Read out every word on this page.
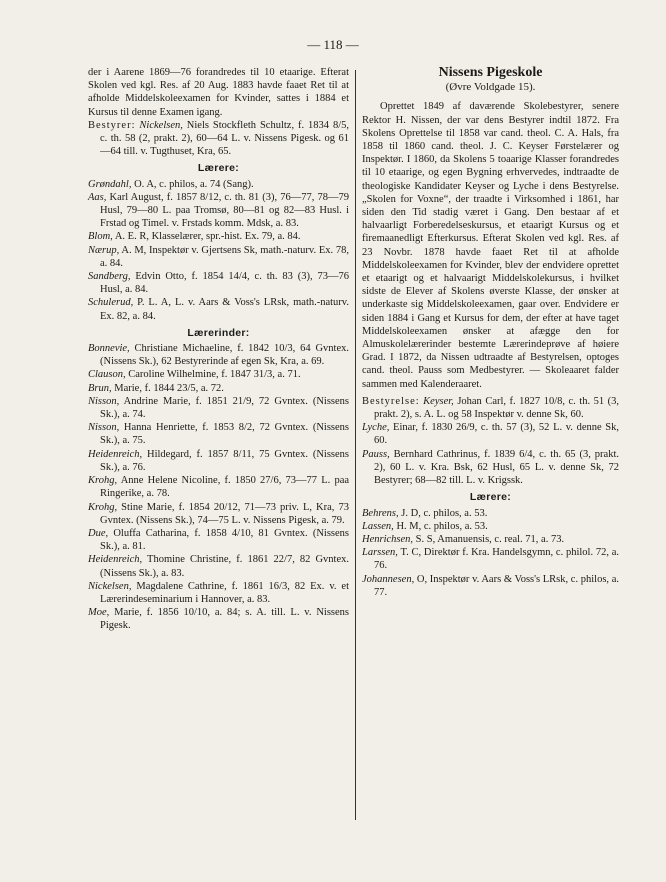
— 118 —

der i Aarene 1869—76 forandredes til 10 etaarige. Efterat Skolen ved kgl. Res. af 20 Aug. 1883 havde faaet Ret til at afholde Middelskoleexamen for Kvinder, sattes i 1884 et Kursus til denne Examen igang.

Bestyrer: Nickelsen, Niels Stockfleth Schultz, f. 1834 8/5, c. th. 58 (2, prakt. 2), 60—64 L. v. Nissens Pigesk. og 61—64 till. v. Tugthuset, Kra, 65.

Lærere:

Grøndahl, O. A, c. philos, a. 74 (Sang).

Aas, Karl August, f. 1857 8/12, c. th. 81 (3), 76—77, 78—79 Husl, 79—80 L. paa Tromsø, 80—81 og 82—83 Husl. i Frstad og Timel. v. Frstads komm. Mdsk, a. 83.

Blom, A. E. R, Klasselærer, spr.-hist. Ex. 79, a. 84.

Nærup, A. M, Inspektør v. Gjertsens Sk, math.-naturv. Ex. 78, a. 84.

Sandberg, Edvin Otto, f. 1854 14/4, c. th. 83 (3), 73—76 Husl, a. 84.

Schulerud, P. L. A, L. v. Aars & Voss's LRsk, math.-naturv. Ex. 82, a. 84.

Lærerinder:

Bonnevie, Christiane Michaeline, f. 1842 10/3, 64 Gvntex. (Nissens Sk.), 62 Bestyrerinde af egen Sk, Kra, a. 69.

Clauson, Caroline Wilhelmine, f. 1847 31/3, a. 71.

Brun, Marie, f. 1844 23/5, a. 72.

Nisson, Andrine Marie, f. 1851 21/9, 72 Gvntex. (Nissens Sk.), a. 74.

Nisson, Hanna Henriette, f. 1853 8/2, 72 Gvntex. (Nissens Sk.), a. 75.

Heidenreich, Hildegard, f. 1857 8/11, 75 Gvntex. (Nissens Sk.), a. 76.

Krohg, Anne Helene Nicoline, f. 1850 27/6, 73—77 L. paa Ringerike, a. 78.

Krohg, Stine Marie, f. 1854 20/12, 71—73 priv. L, Kra, 73 Gvntex. (Nissens Sk.), 74—75 L. v. Nissens Pigesk, a. 79.

Due, Oluffa Catharina, f. 1858 4/10, 81 Gvntex. (Nissens Sk.), a. 81.

Heidenreich, Thomine Christine, f. 1861 22/7, 82 Gvntex. (Nissens Sk.), a. 83.

Nickelsen, Magdalene Cathrine, f. 1861 16/3, 82 Ex. v. et Lærerindeseminarium i Hannover, a. 83.

Moe, Marie, f. 1856 10/10, a. 84; s. A. till. L. v. Nissens Pigesk.

Nissens Pigeskole
(Øvre Voldgade 15).

Oprettet 1849 af daværende Skolebestyrer, senere Rektor H. Nissen, der var dens Bestyrer indtil 1872. Fra Skolens Oprettelse til 1858 var cand. theol. C. A. Hals, fra 1858 til 1860 cand. theol. J. C. Keyser Førstelærer og Inspektør. I 1860, da Skolens 5 toaarige Klasser forandredes til 10 etaarige, og egen Bygning erhvervedes, indtraadte de theologiske Kandidater Keyser og Lyche i dens Bestyrelse. „Skolen for Voxne“, der traadte i Virksomhed i 1861, har siden den Tid stadig været i Gang. Den bestaar af et halvaarligt Forberedelseskursus, et etaarigt Kursus og et firemaanedligt Efterkursus. Efterat Skolen ved kgl. Res. af 23 Novbr. 1878 havde faaet Ret til at afholde Middelskoleexamen for Kvinder, blev der endvidere oprettet et etaarigt og et halvaarigt Middelskolekursus, i hvilket sidste de Elever af Skolens øverste Klasse, der ønsker at underkaste sig Middelskoleexamen, gaar over. Endvidere er siden 1884 i Gang et Kursus for dem, der efter at have taget Middelskoleexamen ønsker at afægge den for Almuskolelærerinder bestemte Lærerindeprøve af høiere Grad. I 1872, da Nissen udtraadte af Bestyrelsen, optoges cand. theol. Pauss som Medbestyrer. — Skoleaaret falder sammen med Kalenderaaret.

Bestyrelse: Keyser, Johan Carl, f. 1827 10/8, c. th. 51 (3, prakt. 2), s. A. L. og 58 Inspektør v. denne Sk, 60.

Lyche, Einar, f. 1830 26/9, c. th. 57 (3), 52 L. v. denne Sk, 60.

Pauss, Bernhard Cathrinus, f. 1839 6/4, c. th. 65 (3, prakt. 2), 60 L. v. Kra. Bsk, 62 Husl, 65 L. v. denne Sk, 72 Bestyrer; 68—82 till. L. v. Krigssk.

Lærere:

Behrens, J. D, c. philos, a. 53.

Lassen, H. M, c. philos, a. 53.

Henrichsen, S. S, Amanuensis, c. real. 71, a. 73.

Larssen, T. C, Direktør f. Kra. Handelsgymn, c. philol. 72, a. 76.

Johannesen, O, Inspektør v. Aars & Voss's LRsk, c. philos, a. 77.
